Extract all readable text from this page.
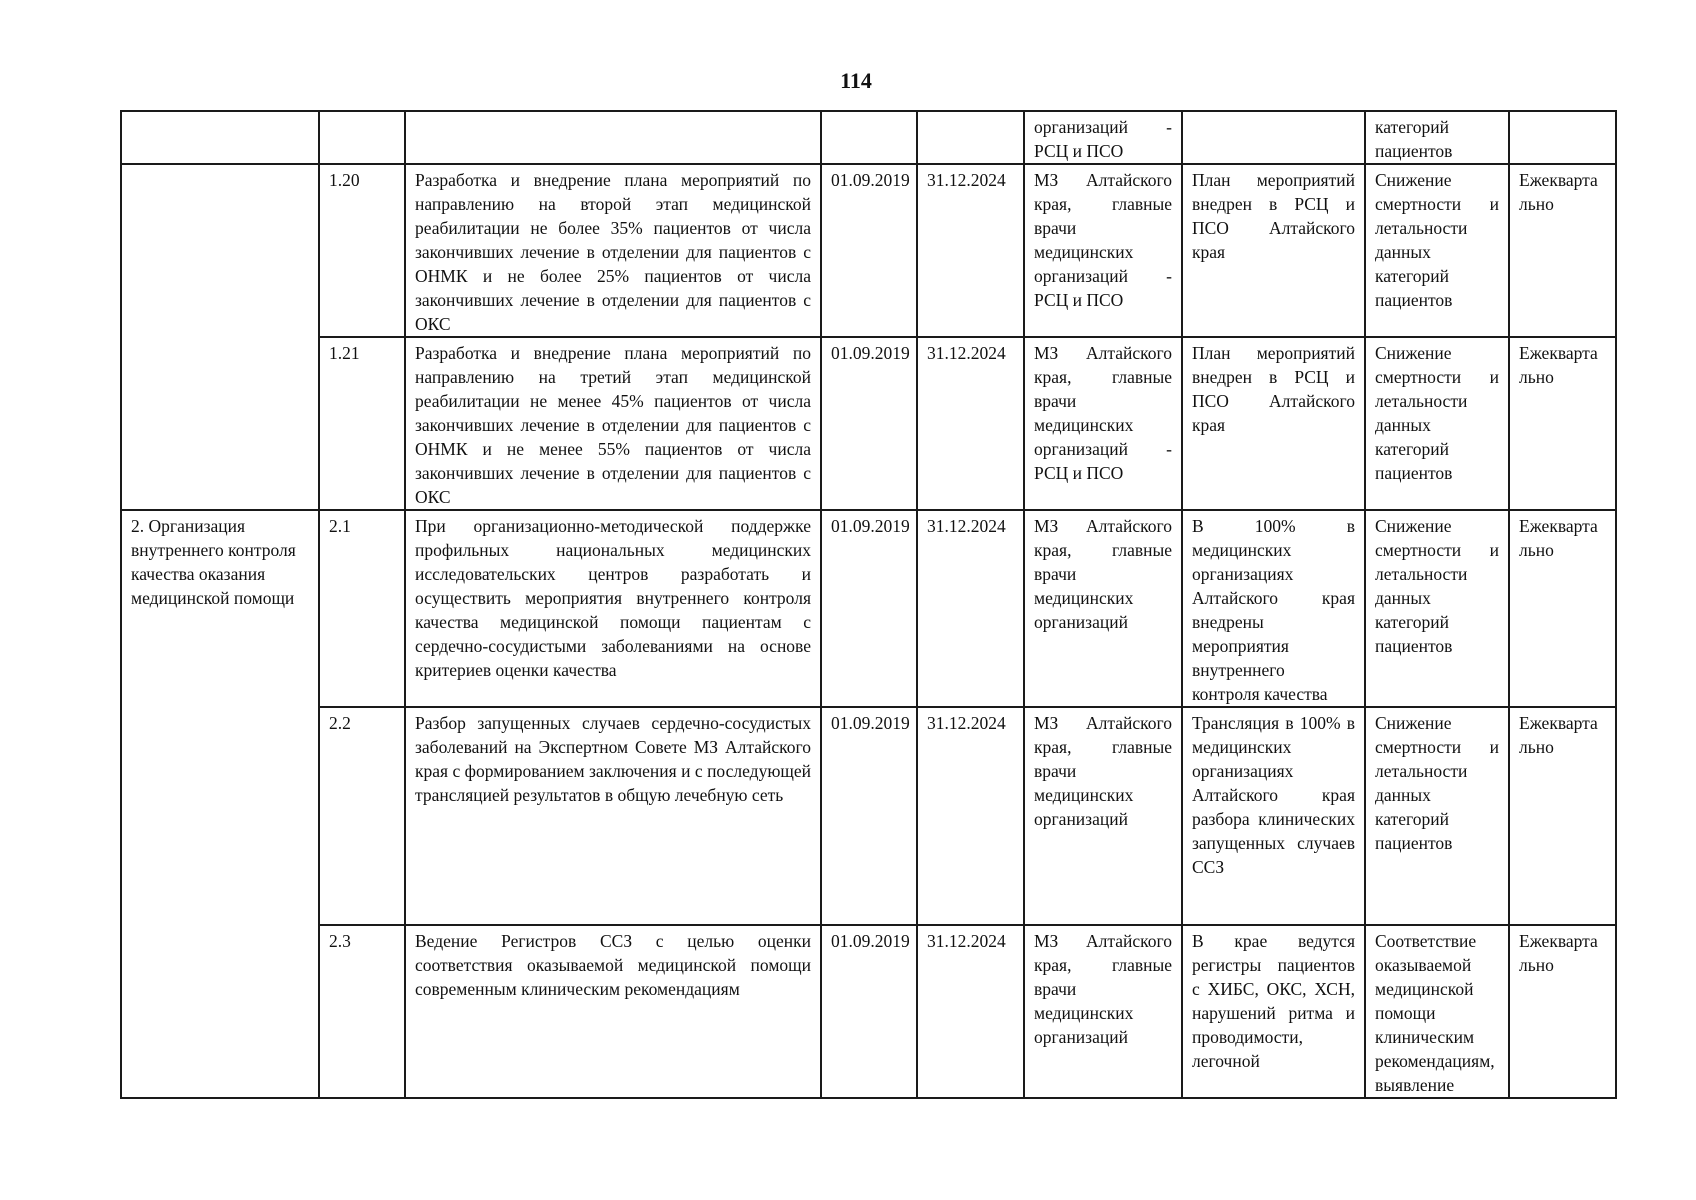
114
					организаций - РСЦ и ПСО		категорий пациентов	
	1.20	Разработка и внедрение плана мероприятий по направлению на второй этап медицинской реабилитации не более 35% пациентов от числа закончивших лечение в отделении для пациентов с ОНМК и не более 25% пациентов от числа закончивших лечение в отделении для пациентов с ОКС	01.09.2019	31.12.2024	МЗ Алтайского края, главные врачи медицинских организаций - РСЦ и ПСО	План мероприятий внедрен в РСЦ и ПСО Алтайского края	Снижение смертности и летальности данных категорий пациентов	Ежеквартально
	1.21	Разработка и внедрение плана мероприятий по направлению на третий этап медицинской реабилитации не менее 45% пациентов от числа закончивших лечение в отделении для пациентов с ОНМК и не менее 55% пациентов от числа закончивших лечение в отделении для пациентов с ОКС	01.09.2019	31.12.2024	МЗ Алтайского края, главные врачи медицинских организаций - РСЦ и ПСО	План мероприятий внедрен в РСЦ и ПСО Алтайского края	Снижение смертности и летальности данных категорий пациентов	Ежеквартально
2. Организация внутреннего контроля качества оказания медицинской помощи	2.1	При организационно-методической поддержке профильных национальных медицинских исследовательских центров разработать и осуществить мероприятия внутреннего контроля качества медицинской помощи пациентам с сердечно-сосудистыми заболеваниями на основе критериев оценки качества	01.09.2019	31.12.2024	МЗ Алтайского края, главные врачи медицинских организаций	В 100% в медицинских организациях Алтайского края внедрены мероприятия внутреннего контроля качества	Снижение смертности и летальности данных категорий пациентов	Ежеквартально
	2.2	Разбор запущенных случаев сердечно-сосудистых заболеваний на Экспертном Совете МЗ Алтайского края с формированием заключения и с последующей трансляцией результатов в общую лечебную сеть	01.09.2019	31.12.2024	МЗ Алтайского края, главные врачи медицинских организаций	Трансляция в 100% в медицинских организациях Алтайского края разбора клинических запущенных случаев ССЗ	Снижение смертности и летальности данных категорий пациентов	Ежеквартально
	2.3	Ведение Регистров ССЗ с целью оценки соответствия оказываемой медицинской помощи современным клиническим рекомендациям	01.09.2019	31.12.2024	МЗ Алтайского края, главные врачи медицинских организаций	В крае ведутся регистры пациентов с ХИБС, ОКС, ХСН, нарушений ритма и проводимости, легочной	Соответствие оказываемой медицинской помощи клиническим рекомендациям, выявление	Ежеквартально
